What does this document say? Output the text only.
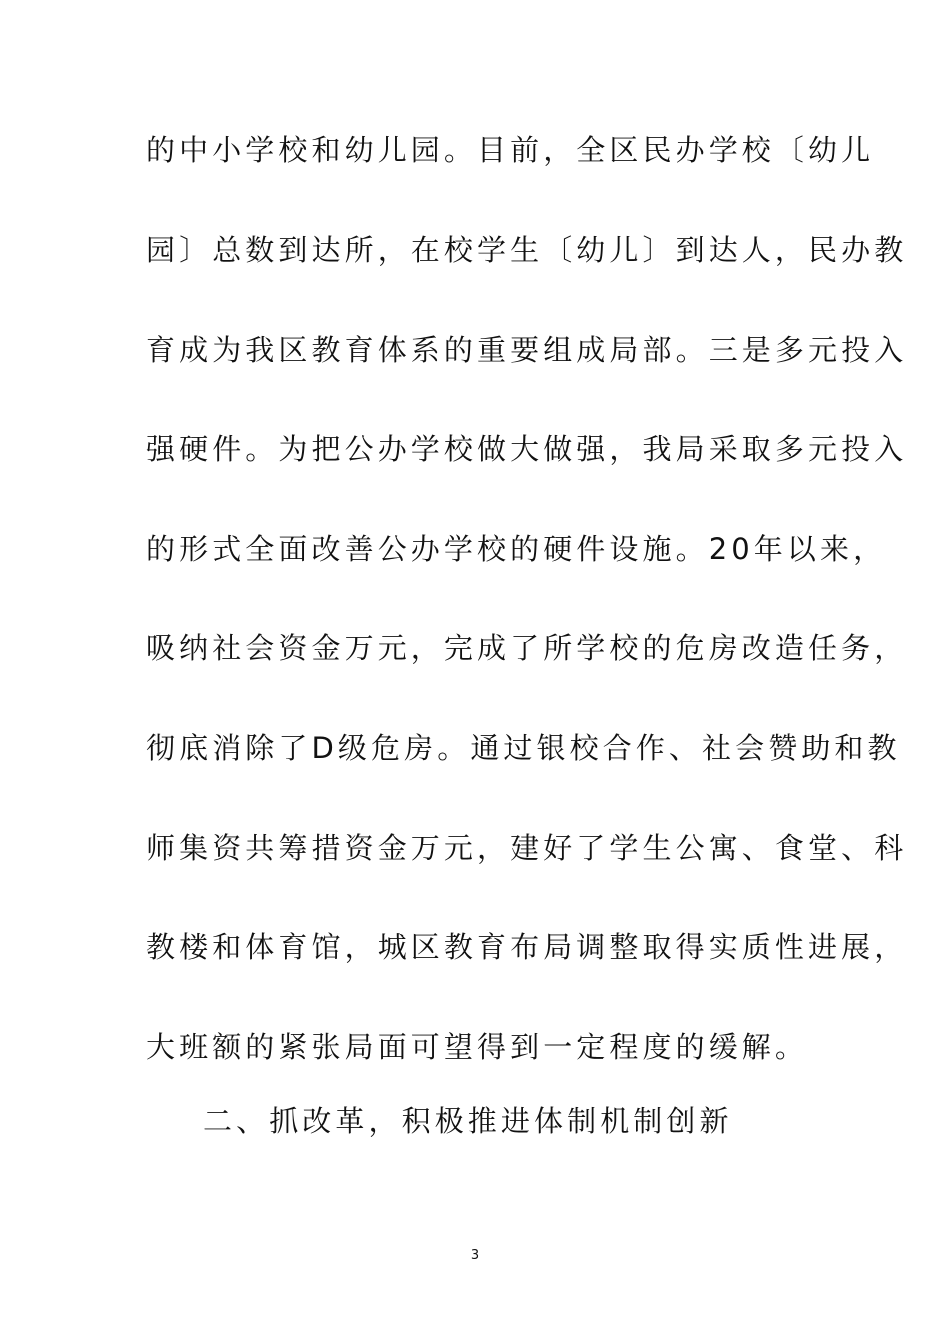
的中小学校和幼儿园。目前，全区民办学校〔幼儿
园〕总数到达所，在校学生〔幼儿〕到达人，民办教
育成为我区教育体系的重要组成局部。三是多元投入
强硬件。为把公办学校做大做强，我局采取多元投入
的形式全面改善公办学校的硬件设施。20年以来，
吸纳社会资金万元，完成了所学校的危房改造任务，
彻底消除了D级危房。通过银校合作、社会赞助和教
师集资共筹措资金万元，建好了学生公寓、食堂、科
教楼和体育馆，城区教育布局调整取得实质性进展，
大班额的紧张局面可望得到一定程度的缓解。
二、抓改革，积极推进体制机制创新
3
